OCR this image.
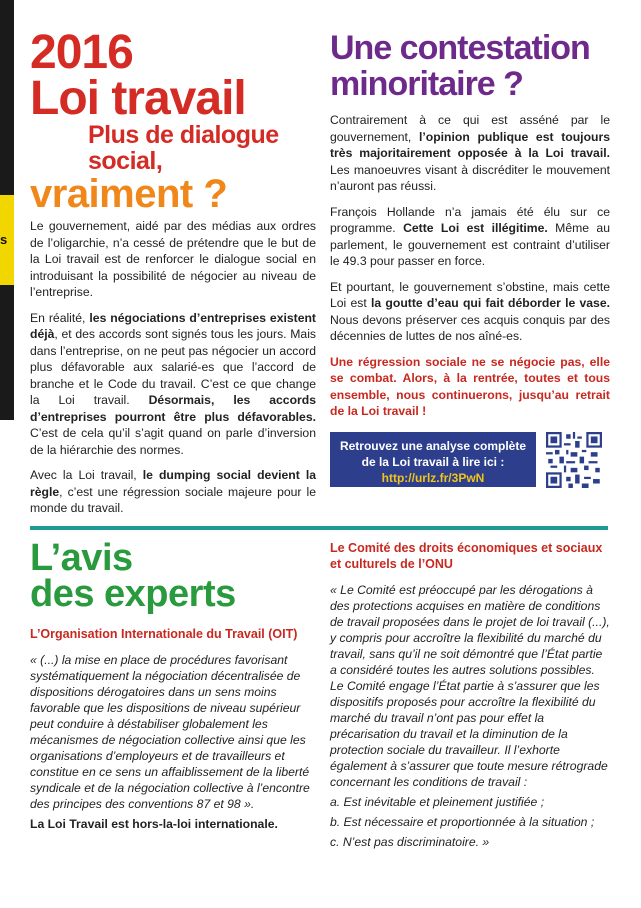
s
2016
Loi travail
Plus de dialogue social,
vraiment ?

Le gouvernement, aidé par des médias aux ordres de l’oligarchie, n’a cessé de prétendre que le but de la Loi travail est de renforcer le dialogue social en introduisant la possibilité de négocier au niveau de l’entreprise.

En réalité, les négociations d’entreprises existent déjà, et des accords sont signés tous les jours. Mais dans l’entreprise, on ne peut pas négocier un accord plus défavorable aux salarié-es que l’accord de branche et le Code du travail. C’est ce que change la Loi travail. Désormais, les accords d’entreprises pourront être plus défavorables. C’est de cela qu’il s’agit quand on parle d’inversion de la hiérarchie des normes.

Avec la Loi travail, le dumping social devient la règle, c’est une régression sociale majeure pour le monde du travail.

Une contestation
minoritaire ?

Contrairement à ce qui est asséné par le gouvernement, l’opinion publique est toujours très majoritairement opposée à la Loi travail. Les manoeuvres visant à discréditer le mouvement n’auront pas réussi.

François Hollande n’a jamais été élu sur ce programme. Cette Loi est illégitime. Même au parlement, le gouvernement est contraint d’utiliser le 49.3 pour passer en force.

Et pourtant, le gouvernement s’obstine, mais cette Loi est la goutte d’eau qui fait déborder le vase. Nous devons préserver ces acquis conquis par des décennies de luttes de nos aîné-es.

Une régression sociale ne se négocie pas, elle se combat. Alors, à la rentrée, toutes et tous ensemble, nous continuerons, jusqu’au retrait de la Loi travail !

Retrouvez une analyse complète
de la Loi travail à lire ici :
http://urlz.fr/3PwN
L’avis
des experts
L’Organisation Internationale du Travail (OIT)

« (...) la mise en place de procédures favorisant systématiquement la négociation décentralisée de dispositions dérogatoires dans un sens moins favorable que les dispositions de niveau supérieur peut conduire à déstabiliser globalement les mécanismes de négociation collective ainsi que les organisations d’employeurs et de travailleurs et constitue en ce sens un affaiblissement de la liberté syndicale et de la négociation collective à l’encontre des principes des conventions 87 et 98 ».

La Loi Travail est hors-la-loi internationale.
Le Comité des droits économiques et sociaux et culturels de l’ONU

« Le Comité est préoccupé par les dérogations à des protections acquises en matière de conditions de travail proposées dans le projet de loi travail (...), y compris pour accroître la flexibilité du marché du travail, sans qu’il ne soit démontré que l’État partie a considéré toutes les autres solutions possibles. Le Comité engage l’État partie à s’assurer que les dispositifs proposés pour accroître la flexibilité du marché du travail n’ont pas pour effet la précarisation du travail et la diminution de la protection sociale du travailleur. Il l’exhorte également à s’assurer que toute mesure rétrograde concernant les conditions de travail :

a. Est inévitable et pleinement justifiée ;
b. Est nécessaire et proportionnée à la situation ;
c. N’est pas discriminatoire. »
